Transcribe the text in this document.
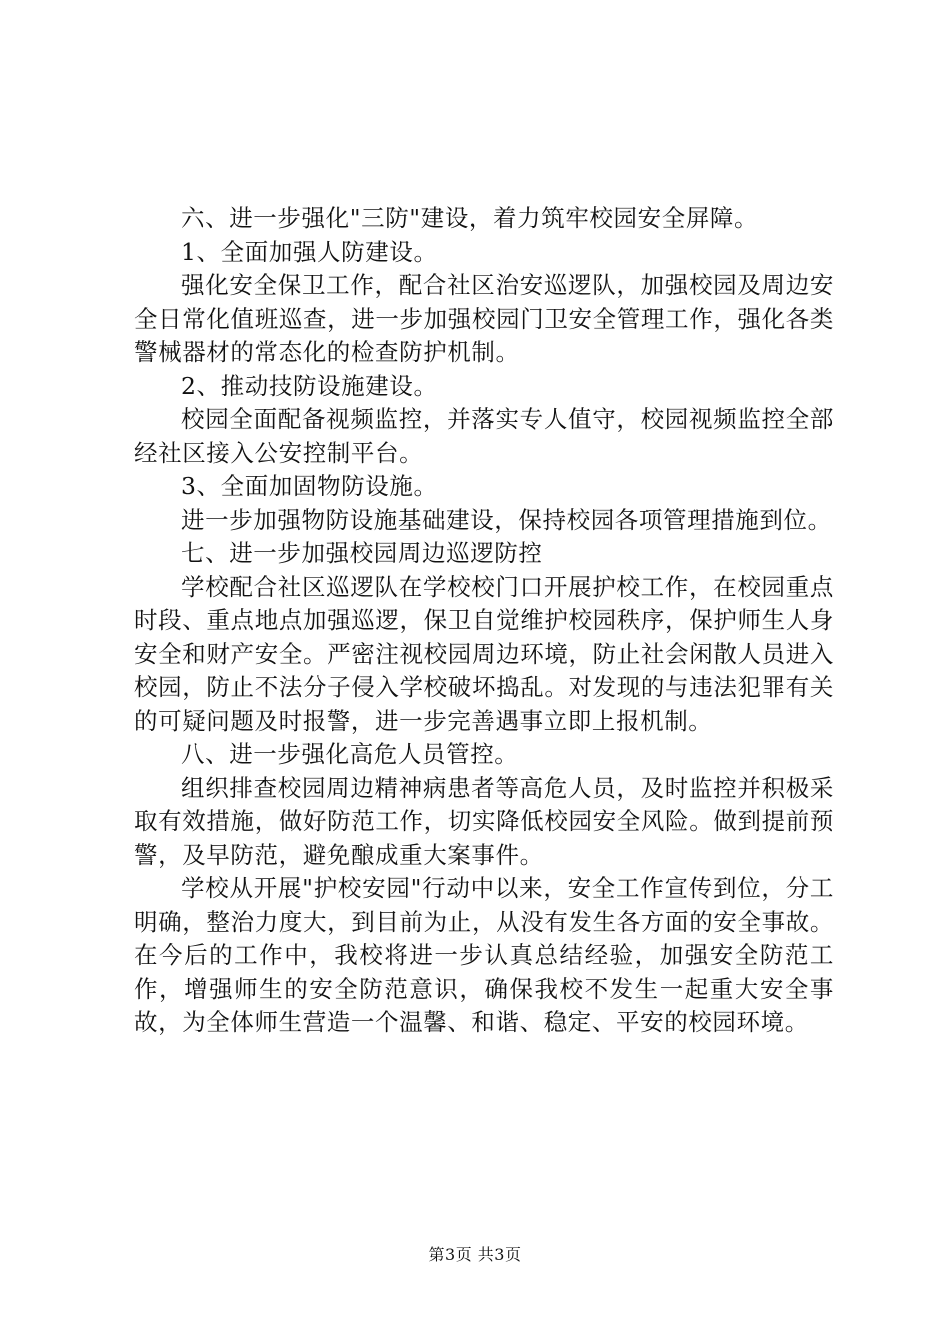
六、进一步强化"三防"建设，着力筑牢校园安全屏障。

1、全面加强人防建设。

强化安全保卫工作，配合社区治安巡逻队，加强校园及周边安全日常化值班巡查，进一步加强校园门卫安全管理工作，强化各类警械器材的常态化的检查防护机制。

2、推动技防设施建设。

校园全面配备视频监控，并落实专人值守，校园视频监控全部经社区接入公安控制平台。

3、全面加固物防设施。

进一步加强物防设施基础建设，保持校园各项管理措施到位。

七、进一步加强校园周边巡逻防控

学校配合社区巡逻队在学校校门口开展护校工作，在校园重点时段、重点地点加强巡逻，保卫自觉维护校园秩序，保护师生人身安全和财产安全。严密注视校园周边环境，防止社会闲散人员进入校园，防止不法分子侵入学校破坏捣乱。对发现的与违法犯罪有关的可疑问题及时报警，进一步完善遇事立即上报机制。

八、进一步强化高危人员管控。

组织排查校园周边精神病患者等高危人员，及时监控并积极采取有效措施，做好防范工作，切实降低校园安全风险。做到提前预警，及早防范，避免酿成重大案事件。

学校从开展"护校安园"行动中以来，安全工作宣传到位，分工明确，整治力度大，到目前为止，从没有发生各方面的安全事故。在今后的工作中，我校将进一步认真总结经验，加强安全防范工作，增强师生的安全防范意识，确保我校不发生一起重大安全事故，为全体师生营造一个温馨、和谐、稳定、平安的校园环境。

第3页 共3页
